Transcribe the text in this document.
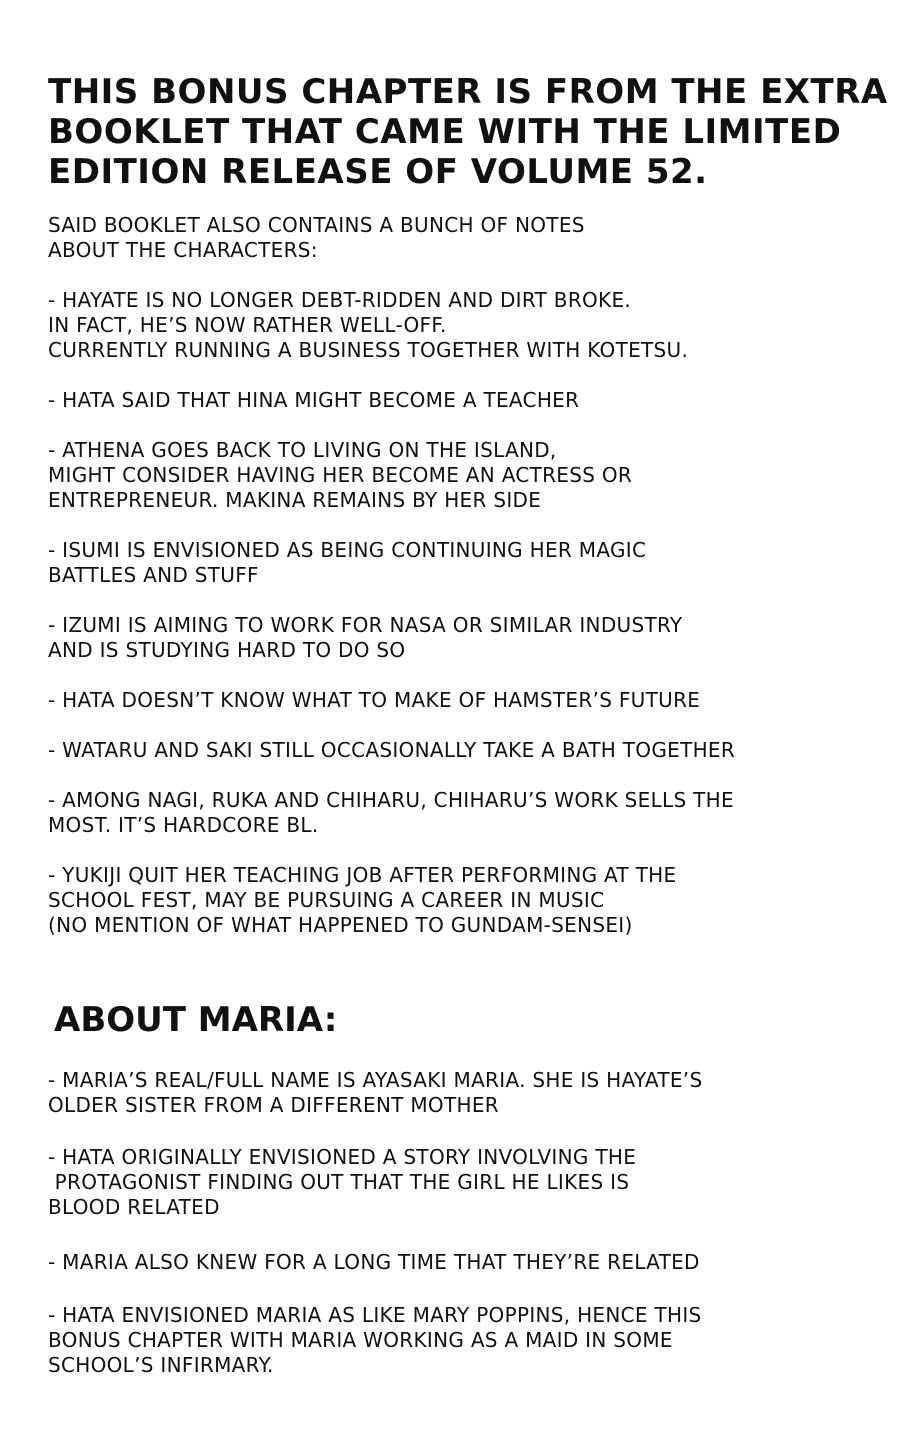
THIS BONUS CHAPTER IS FROM THE EXTRA
BOOKLET THAT CAME WITH THE LIMITED
EDITION RELEASE OF VOLUME 52.

SAID BOOKLET ALSO CONTAINS A BUNCH OF NOTES
ABOUT THE CHARACTERS:

- HAYATE IS NO LONGER DEBT-RIDDEN AND DIRT BROKE.
IN FACT, HE’S NOW RATHER WELL-OFF.
CURRENTLY RUNNING A BUSINESS TOGETHER WITH KOTETSU.

- HATA SAID THAT HINA MIGHT BECOME A TEACHER

- ATHENA GOES BACK TO LIVING ON THE ISLAND,
MIGHT CONSIDER HAVING HER BECOME AN ACTRESS OR
ENTREPRENEUR. MAKINA REMAINS BY HER SIDE

- ISUMI IS ENVISIONED AS BEING CONTINUING HER MAGIC
BATTLES AND STUFF

- IZUMI IS AIMING TO WORK FOR NASA OR SIMILAR INDUSTRY
AND IS STUDYING HARD TO DO SO

- HATA DOESN’T KNOW WHAT TO MAKE OF HAMSTER’S FUTURE

- WATARU AND SAKI STILL OCCASIONALLY TAKE A BATH TOGETHER

- AMONG NAGI, RUKA AND CHIHARU, CHIHARU’S WORK SELLS THE
MOST. IT’S HARDCORE BL.

- YUKIJI QUIT HER TEACHING JOB AFTER PERFORMING AT THE
SCHOOL FEST, MAY BE PURSUING A CAREER IN MUSIC
(NO MENTION OF WHAT HAPPENED TO GUNDAM-SENSEI)

ABOUT MARIA:

- MARIA’S REAL/FULL NAME IS AYASAKI MARIA. SHE IS HAYATE’S
OLDER SISTER FROM A DIFFERENT MOTHER

- HATA ORIGINALLY ENVISIONED A STORY INVOLVING THE
PROTAGONIST FINDING OUT THAT THE GIRL HE LIKES IS
BLOOD RELATED

- MARIA ALSO KNEW FOR A LONG TIME THAT THEY’RE RELATED

- HATA ENVISIONED MARIA AS LIKE MARY POPPINS, HENCE THIS
BONUS CHAPTER WITH MARIA WORKING AS A MAID IN SOME
SCHOOL’S INFIRMARY.
